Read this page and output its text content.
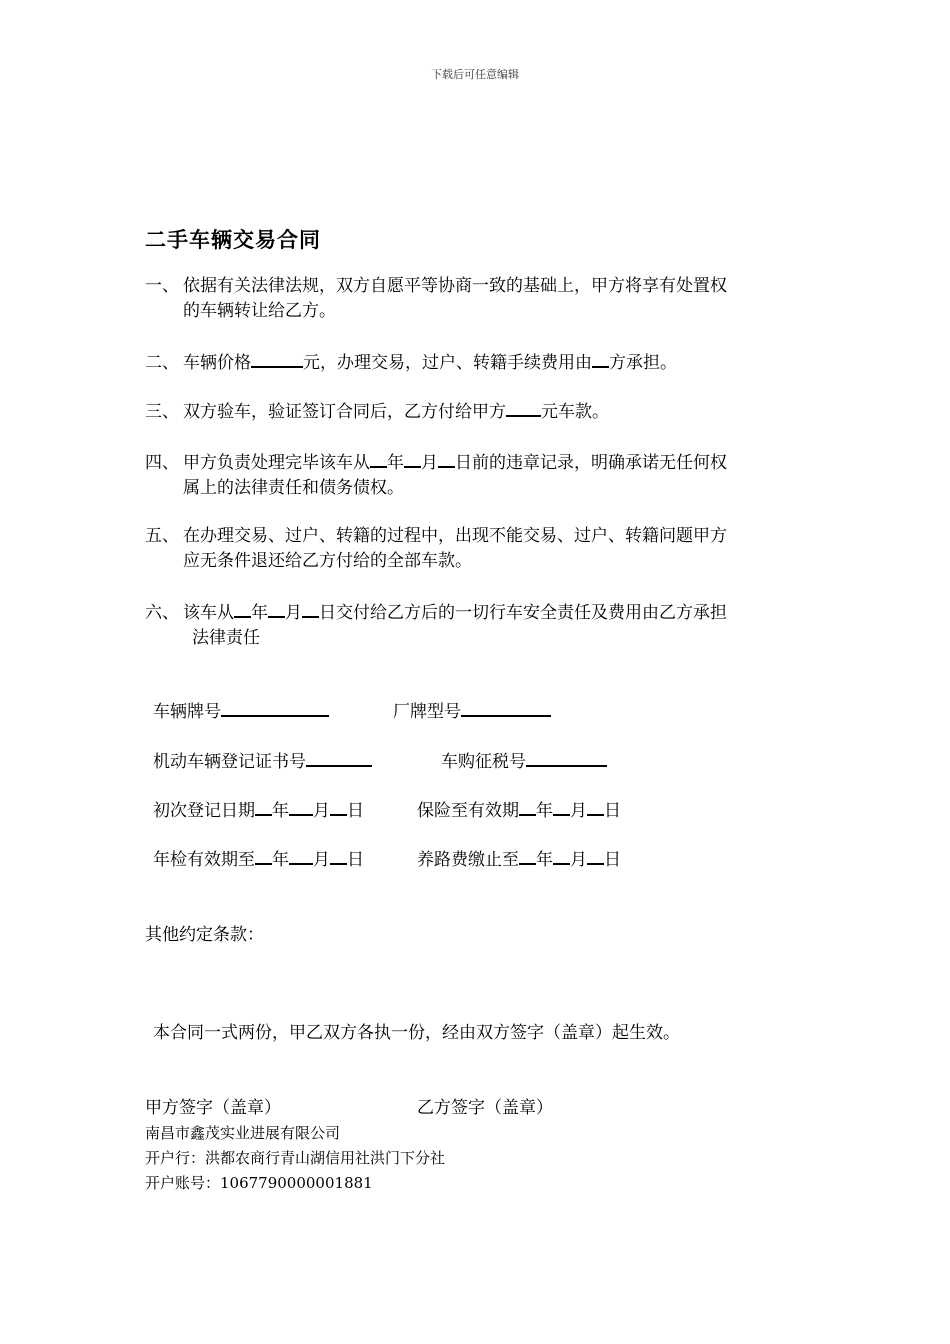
下载后可任意编辑
二手车辆交易合同
一、 依据有关法律法规，双方自愿平等协商一致的基础上，甲方将享有处置权
的车辆转让给乙方。
二、 车辆价格	元，办理交易，过户、转籍手续费用由 方承担。
三、 双方验车，验证签订合同后，乙方付给甲方 元车款。
四、 甲方负责处理完毕该车从 年 月 日前的违章记录，明确承诺无任何权
属上的法律责任和债务债权。
五、 在办理交易、过户、转籍的过程中，出现不能交易、过户、转籍问题甲方
应无条件退还给乙方付给的全部车款。
六、 该车从 年 月 日交付给乙方后的一切行车安全责任及费用由乙方承担
法律责任
车辆牌号	厂牌型号
机动车辆登记证书号	车购征税号
初次登记日期 年 月 日	保险至有效期 年 月 日
年检有效期至 年 月 日	养路费缴止至 年 月 日
其他约定条款：
本合同一式两份，甲乙双方各执一份，经由双方签字（盖章）起生效。
甲方签字（盖章）	乙方签字（盖章）
南昌市鑫茂实业进展有限公司
开户行：洪都农商行青山湖信用社洪门下分社
开户账号：1067790000001881
